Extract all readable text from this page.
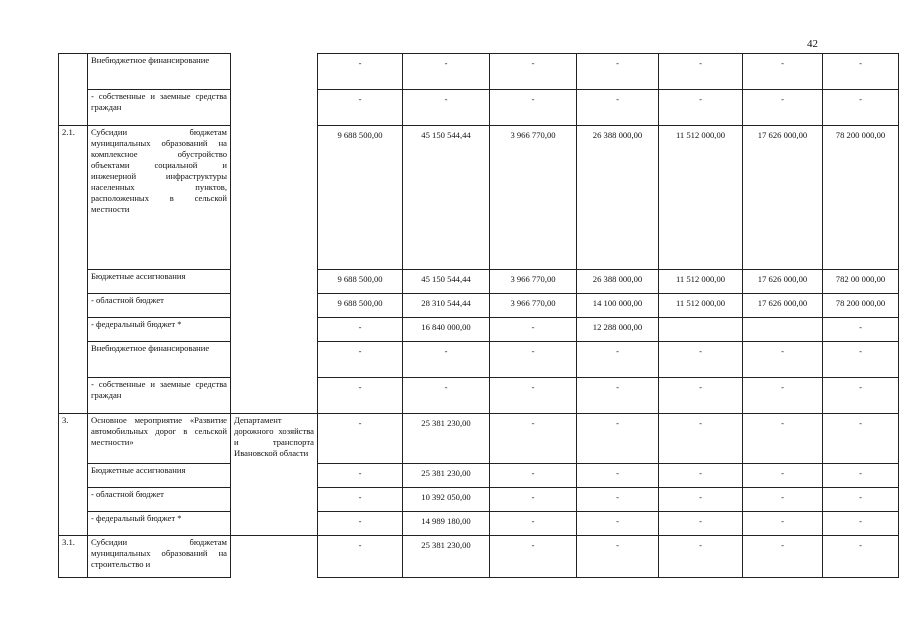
42
	Внебюджетное финансирование		-	-	-	-	-	-	-
	- собственные и заемные средства граждан		-	-	-	-	-	-	-
2.1.	Субсидии бюджетам муниципальных образований на комплексное обустройство объектами социальной и инженерной инфраструктуры населенных пунктов, расположенных в сельской местности		9 688 500,00	45 150 544,44	3 966 770,00	26 388 000,00	11 512 000,00	17 626 000,00	78 200 000,00
	Бюджетные ассигнования		9 688 500,00	45 150 544,44	3 966 770,00	26 388 000,00	11 512 000,00	17 626 000,00	782 00 000,00
	- областной бюджет		9 688 500,00	28 310 544,44	3 966 770,00	14 100 000,00	11 512 000,00	17 626 000,00	78 200 000,00
	- федеральный бюджет *		-	16 840 000,00	-	12 288 000,00			-
	Внебюджетное финансирование		-	-	-	-	-	-	-
	- собственные и заемные средства граждан		-	-	-	-	-	-	-
3.	Основное мероприятие «Развитие автомобильных дорог в сельской местности»	Департамент дорожного хозяйства и транспорта Ивановской области	-	25 381 230,00	-	-	-	-	-
	Бюджетные ассигнования		-	25 381 230,00	-	-	-	-	-
	- областной бюджет		-	10 392 050,00	-	-	-	-	-
	- федеральный бюджет *		-	14 989 180,00	-	-	-	-	-
3.1.	Субсидии бюджетам муниципальных образований на строительство и		-	25 381 230,00	-	-	-	-	-
